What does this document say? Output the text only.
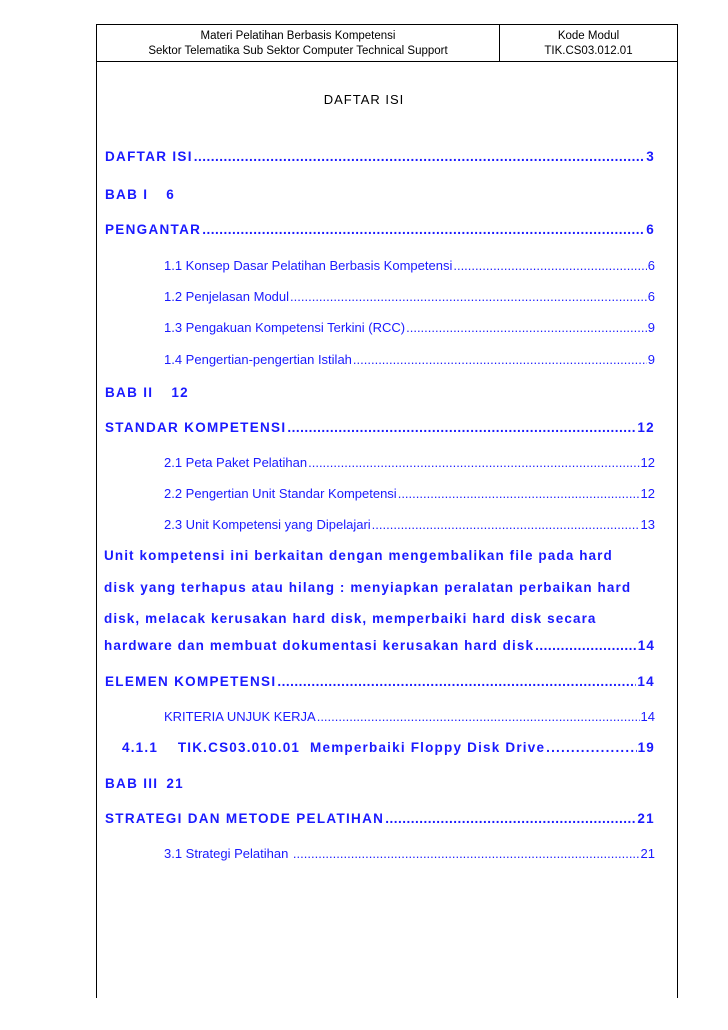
Materi Pelatihan Berbasis Kompetensi
Sektor Telematika Sub Sektor Computer Technical Support
Kode Modul
TIK.CS03.012.01
DAFTAR ISI
DAFTAR ISI .....	3
BAB I 6
PENGANTAR .....	6
1.1 Konsep Dasar Pelatihan Berbasis Kompetensi .....	6
1.2 Penjelasan Modul .....	6
1.3 Pengakuan Kompetensi Terkini (RCC) .....	9
1.4 Pengertian-pengertian Istilah .....	9
BAB II 12
STANDAR KOMPETENSI .....	12
2.1 Peta Paket Pelatihan .....	12
2.2 Pengertian Unit Standar Kompetensi .....	12
2.3 Unit Kompetensi yang Dipelajari .....	13
Unit kompetensi ini berkaitan dengan mengembalikan file pada hard
disk yang terhapus atau hilang : menyiapkan peralatan perbaikan hard
disk, melacak kerusakan hard disk, memperbaiki hard disk secara
hardware dan membuat dokumentasi kerusakan hard disk .....	14
ELEMEN KOMPETENSI .....	14
KRITERIA UNJUK KERJA .....	14
4.1.1    TIK.CS03.010.01  Memperbaiki Floppy Disk Drive .....	19
BAB III 21
STRATEGI DAN METODE PELATIHAN .....	21
3.1 Strategi Pelatihan .....	21
